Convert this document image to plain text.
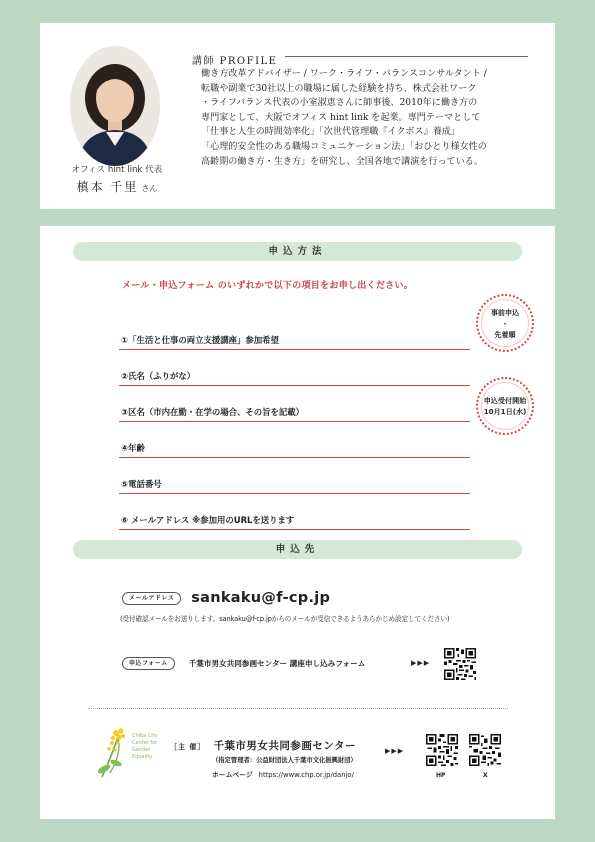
オフィス hint link 代表
槙本 千里 さん
講師 PROFILE
働き方改革アドバイザー / ワーク・ライフ・バランスコンサルタント /
転職や副業で30社以上の職場に属した経験を持ち、株式会社ワーク
・ライフバランス代表の小室淑恵さんに師事後、2010年に働き方の
専門家として、大阪でオフィス hint link を起業。専門テーマとして
「仕事と人生の時間効率化」「次世代管理職『イクボス』養成」
「心理的安全性のある職場コミュニケーション法」「おひとり様女性の
高齢期の働き方・生き方」を研究し、全国各地で講演を行っている。
申込方法
メール・申込フォーム のいずれかで以下の項目をお申し出ください。
①「生活と仕事の両立支援講座」参加希望
②氏名（ふりがな）
③区名（市内在勤・在学の場合、その旨を記載）
④年齢
⑤電話番号
⑥ メールアドレス ※参加用のURLを送ります
事前申込
・
先着順
申込受付開始
10月1日(水)
申込先
メールアドレス	sankaku@f-cp.jp
(受付確認メールをお送りします。sankaku@f-cp.jpからのメールが受信できるようあらかじめ設定してください)
申込フォーム	千葉市男女共同参画センター 講座申し込みフォーム	▶▶▶
Chiba City
Center for
Gender
Equality
［主 催］ 千葉市男女共同参画センター
（指定管理者：公益財団法人千葉市文化振興財団）
ホームページ https://www.chp.or.jp/danjo/
▶▶▶
HP	X
